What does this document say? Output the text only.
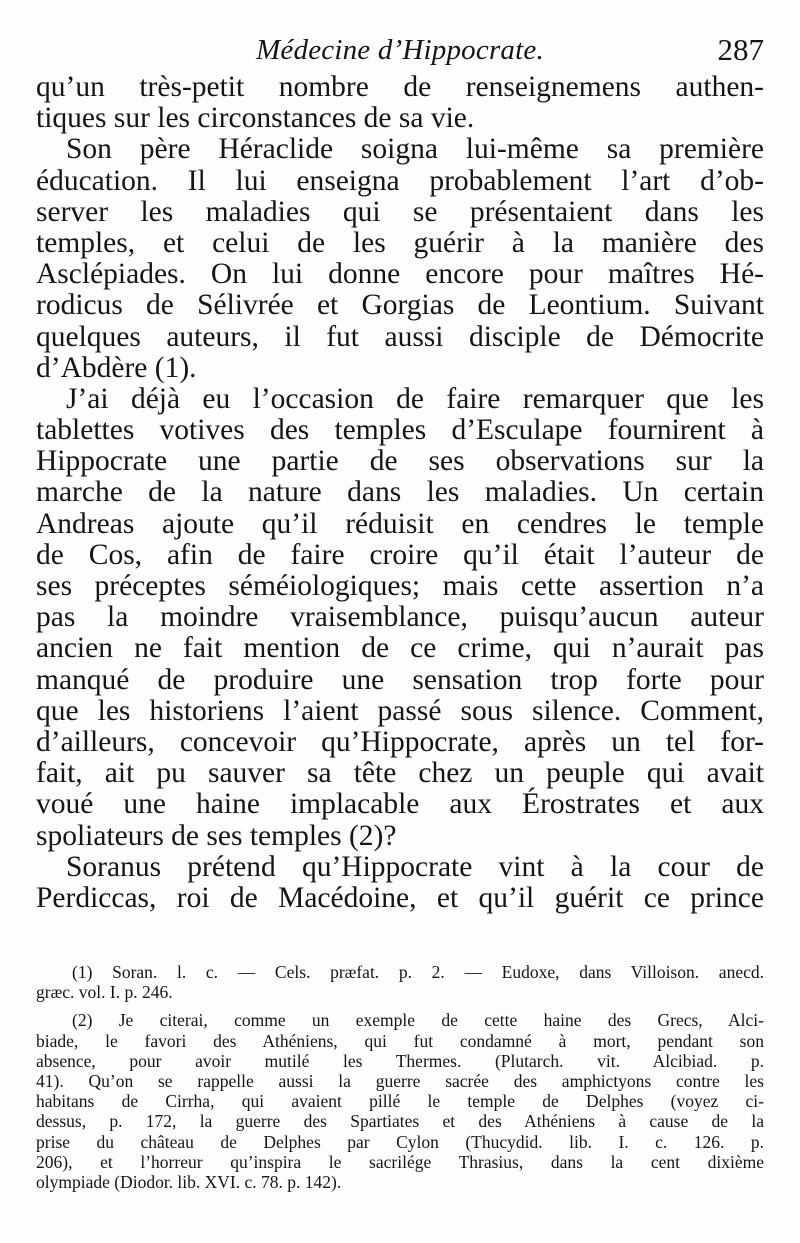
Médecine d’Hippocrate.	287
qu’un très-petit nombre de renseignemens authen-
tiques sur les circonstances de sa vie.
Son père Héraclide soigna lui-même sa première
éducation. Il lui enseigna probablement l’art d’ob-
server les maladies qui se présentaient dans les
temples, et celui de les guérir à la manière des
Asclépiades. On lui donne encore pour maîtres Hé-
rodicus de Sélivrée et Gorgias de Leontium. Suivant
quelques auteurs, il fut aussi disciple de Démocrite
d’Abdère (1).
J’ai déjà eu l’occasion de faire remarquer que les
tablettes votives des temples d’Esculape fournirent à
Hippocrate une partie de ses observations sur la
marche de la nature dans les maladies. Un certain
Andreas ajoute qu’il réduisit en cendres le temple
de Cos, afin de faire croire qu’il était l’auteur de
ses préceptes séméiologiques; mais cette assertion n’a
pas la moindre vraisemblance, puisqu’aucun auteur
ancien ne fait mention de ce crime, qui n’aurait pas
manqué de produire une sensation trop forte pour
que les historiens l’aient passé sous silence. Comment,
d’ailleurs, concevoir qu’Hippocrate, après un tel for-
fait, ait pu sauver sa tête chez un peuple qui avait
voué une haine implacable aux Érostrates et aux
spoliateurs de ses temples (2)?
Soranus prétend qu’Hippocrate vint à la cour de
Perdiccas, roi de Macédoine, et qu’il guérit ce prince
(1) Soran. l. c. — Cels. præfat. p. 2. — Eudoxe, dans Villoison. anecd.
græc. vol. I. p. 246.
(2) Je citerai, comme un exemple de cette haine des Grecs, Alci-
biade, le favori des Athéniens, qui fut condamné à mort, pendant son
absence, pour avoir mutilé les Thermes. (Plutarch. vit. Alcibiad. p.
41). Qu’on se rappelle aussi la guerre sacrée des amphictyons contre les
habitans de Cirrha, qui avaient pillé le temple de Delphes (voyez ci-
dessus, p. 172, la guerre des Spartiates et des Athéniens à cause de la
prise du château de Delphes par Cylon (Thucydid. lib. I. c. 126. p.
206), et l’horreur qu’inspira le sacrilége Thrasius, dans la cent dixième
olympiade (Diodor. lib. XVI. c. 78. p. 142).
